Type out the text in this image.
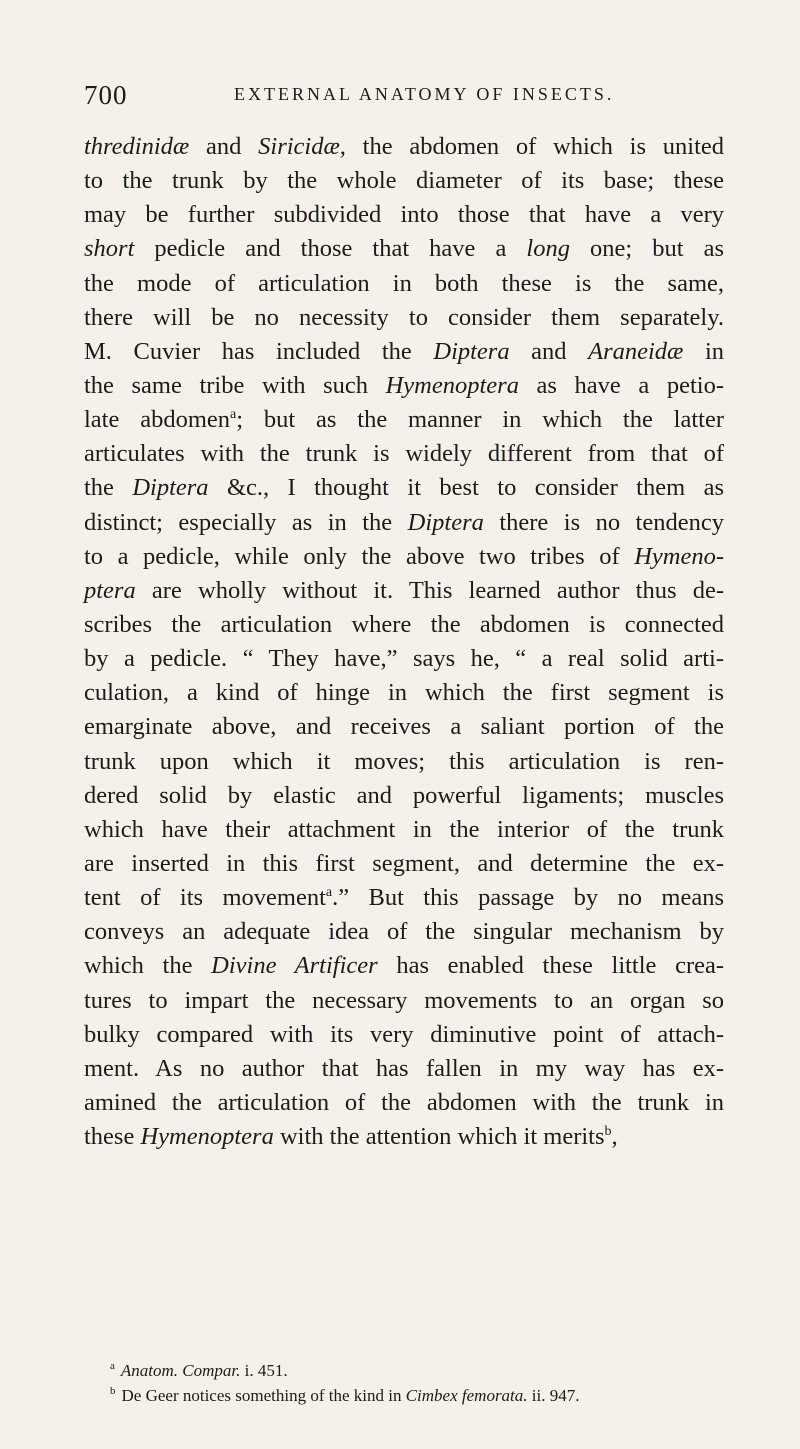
700	EXTERNAL ANATOMY OF INSECTS.
thredinidæ and Siricidæ, the abdomen of which is united
to the trunk by the whole diameter of its base; these
may be further subdivided into those that have a very
short pedicle and those that have a long one; but as
the mode of articulation in both these is the same,
there will be no necessity to consider them separately.
M. Cuvier has included the Diptera and Araneidæ in
the same tribe with such Hymenoptera as have a petio-
late abdomen$^a$; but as the manner in which the latter
articulates with the trunk is widely different from that of
the Diptera &c., I thought it best to consider them as
distinct; especially as in the Diptera there is no tendency
to a pedicle, while only the above two tribes of Hymeno-
ptera are wholly without it. This learned author thus de-
scribes the articulation where the abdomen is connected
by a pedicle. “ They have,” says he, “ a real solid arti-
culation, a kind of hinge in which the first segment is
emarginate above, and receives a saliant portion of the
trunk upon which it moves; this articulation is ren-
dered solid by elastic and powerful ligaments; muscles
which have their attachment in the interior of the trunk
are inserted in this first segment, and determine the ex-
tent of its movement$^a$.” But this passage by no means
conveys an adequate idea of the singular mechanism by
which the Divine Artificer has enabled these little crea-
tures to impart the necessary movements to an organ so
bulky compared with its very diminutive point of attach-
ment. As no author that has fallen in my way has ex-
amined the articulation of the abdomen with the trunk in
these Hymenoptera with the attention which it merits$^b$,
$^a$ Anatom. Compar. i. 451.
$^b$ De Geer notices something of the kind in Cimbex femorata. ii. 947.
